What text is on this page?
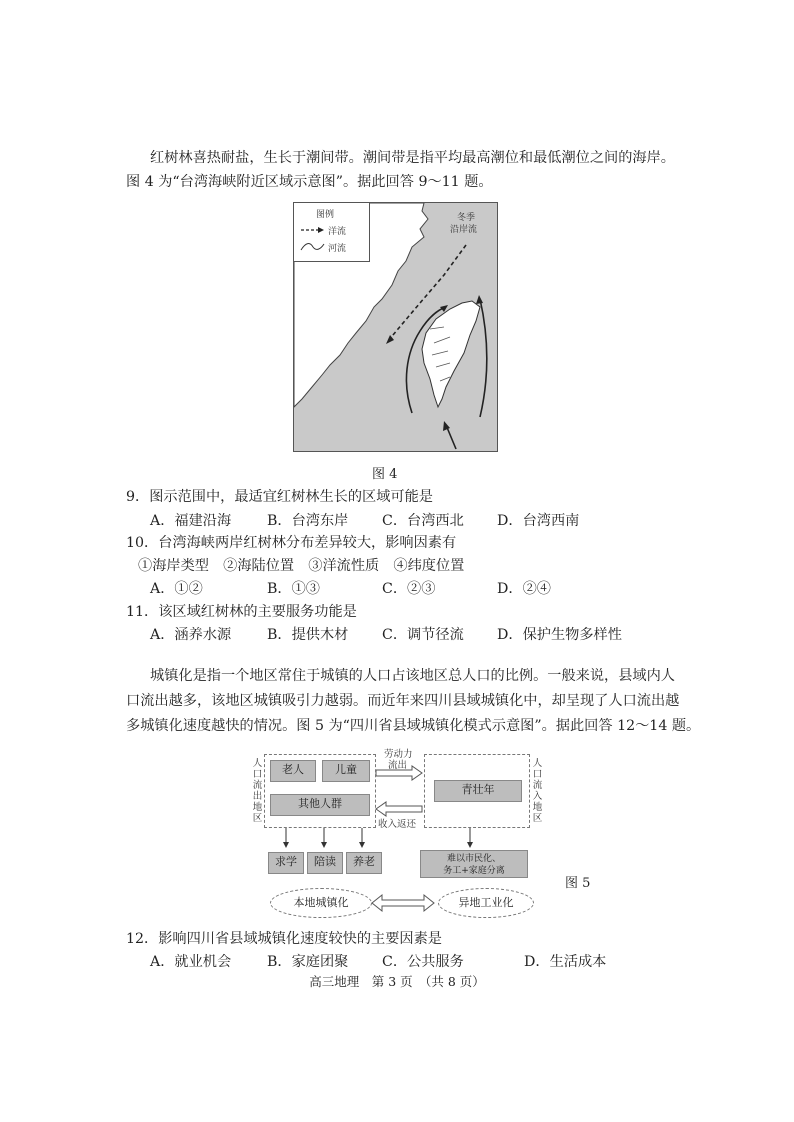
红树林喜热耐盐，生长于潮间带。潮间带是指平均最高潮位和最低潮位之间的海岸。
图 4 为“台湾海峡附近区域示意图”。据此回答 9～11 题。
图例
洋流
河流
冬季
沿岸流
图 4
9．图示范围中，最适宜红树林生长的区域可能是
A．福建沿海	B．台湾东岸 C．台湾西北 D．台湾西南
10．台湾海峡两岸红树林分布差异较大，影响因素有
①海岸类型　②海陆位置　③洋流性质　④纬度位置
A．①②	B．①③	C．②③	D．②④
11．该区域红树林的主要服务功能是
A．涵养水源	B．提供木材 C．调节径流 D．保护生物多样性
城镇化是指一个地区常住于城镇的人口占该地区总人口的比例。一般来说，县域内人
口流出越多，该地区城镇吸引力越弱。而近年来四川县域城镇化中，却呈现了人口流出越
多城镇化速度越快的情况。图 5 为“四川省县域城镇化模式示意图”。据此回答 12～14 题。
人口流出地区
人口流入地区
老人	儿童
其他人群
青壮年
劳动力
流出
收入返还
求学	陪读	养老	难以市民化、
务工+家庭分离
本地城镇化	异地工业化
图 5
12．影响四川省县域城镇化速度较快的主要因素是
A．就业机会	B．家庭团聚 C．公共服务	D．生活成本
高三地理　第 3 页　（共 8 页）
